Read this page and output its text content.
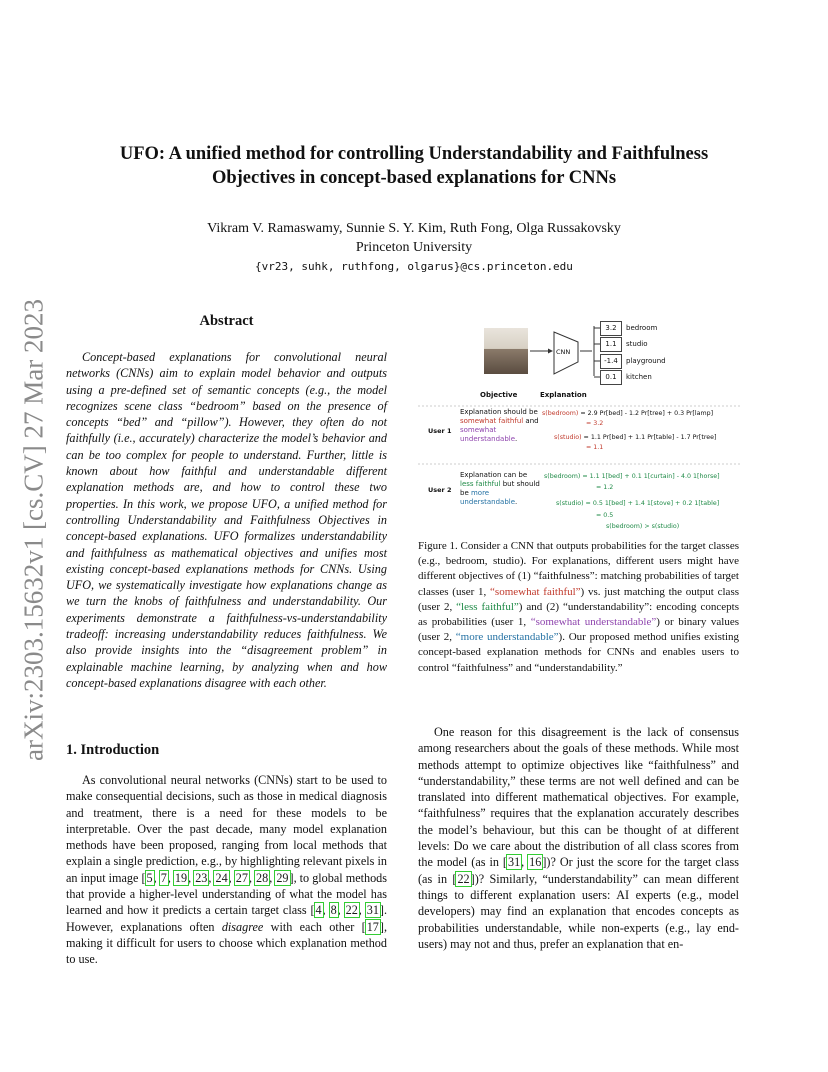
UFO: A unified method for controlling Understandability and Faithfulness
Objectives in concept-based explanations for CNNs
Vikram V. Ramaswamy, Sunnie S. Y. Kim, Ruth Fong, Olga Russakovsky
Princeton University
{vr23, suhk, ruthfong, olgarus}@cs.princeton.edu
arXiv:2303.15632v1 [cs.CV] 27 Mar 2023	Abstract
Concept-based explanations for convolutional neural networks (CNNs) aim to explain model behavior and outputs using a pre-defined set of semantic concepts (e.g., the model recognizes scene class “bedroom” based on the presence of concepts “bed” and “pillow”). However, they often do not faithfully (i.e., accurately) characterize the model’s behavior and can be too complex for people to understand. Further, little is known about how faithful and understandable different explanation methods are, and how to control these two properties. In this work, we propose UFO, a unified method for controlling Understandability and Faithfulness Objectives in concept-based explanations. UFO formalizes understandability and faithfulness as mathematical objectives and unifies most existing concept-based explanations methods for CNNs. Using UFO, we systematically investigate how explanations change as we turn the knobs of faithfulness and understandability. Our experiments demonstrate a faithfulness-vs-understandability tradeoff: increasing understandability reduces faithfulness. We also provide insights into the “disagreement problem” in explainable machine learning, by analyzing when and how concept-based explanations disagree with each other.
1. Introduction
As convolutional neural networks (CNNs) start to be used to make consequential decisions, such as those in medical diagnosis and treatment, there is a need for these models to be interpretable. Over the past decade, many model explanation methods have been proposed, ranging from local methods that explain a single prediction, e.g., by highlighting relevant pixels in an input image [5, 7, 19, 23, 24, 27, 28, 29], to global methods that provide a higher-level understanding of what the model has learned and how it predicts a certain target class [4, 8, 22, 31]. However, explanations often disagree with each other [17], making it difficult for users to choose which explanation method to use.
One reason for this disagreement is the lack of consensus among researchers about the goals of these methods. While most methods attempt to optimize objectives like “faithfulness” and “understandability,” these terms are not well defined and can be translated into different mathematical objectives. For example, “faithfulness” requires that the explanation accurately describes the model’s behaviour, but this can be thought of at different levels: Do we care about the distribution of all class scores from the model (as in [31, 16])? Or just the score for the target class (as in [22])? Similarly, “understandability” can mean different things to different explanation users: AI experts (e.g., model developers) may find an explanation that encodes concepts as probabilities understandable, while non-experts (e.g., lay end-users) may not and thus, prefer an explanation that en-
CNN
3.2
1.1
-1.4
0.1
bedroom
studio
playground
kitchen
Objective	Explanation
User 1
Explanation should be somewhat faithful and somewhat understandable.
s(bedroom) = 2.9 Pr[bed] - 1.2 Pr[tree] + 0.3 Pr[lamp]
= 3.2
s(studio) = 1.1 Pr[bed] + 1.1 Pr[table] - 1.7 Pr[tree]
= 1.1
User 2
Explanation can be less faithful but should be more understandable.
s(bedroom) = 1.1 1[bed] + 0.1 1[curtain] - 4.0 1[horse]
= 1.2
s(studio) = 0.5 1[bed] + 1.4 1[stove] + 0.2 1[table]
= 0.5
s(bedroom) > s(studio)
Figure 1. Consider a CNN that outputs probabilities for the target classes (e.g., bedroom, studio). For explanations, different users might have different objectives of (1) “faithfulness”: matching probabilities of target classes (user 1, “somewhat faithful”) vs. just matching the output class (user 2, “less faithful”) and (2) “understandability”: encoding concepts as probabilities (user 1, “somewhat understandable”) or binary values (user 2, “more understandable”). Our proposed method unifies existing concept-based explanation methods for CNNs and enables users to control “faithfulness” and “understandability.”
